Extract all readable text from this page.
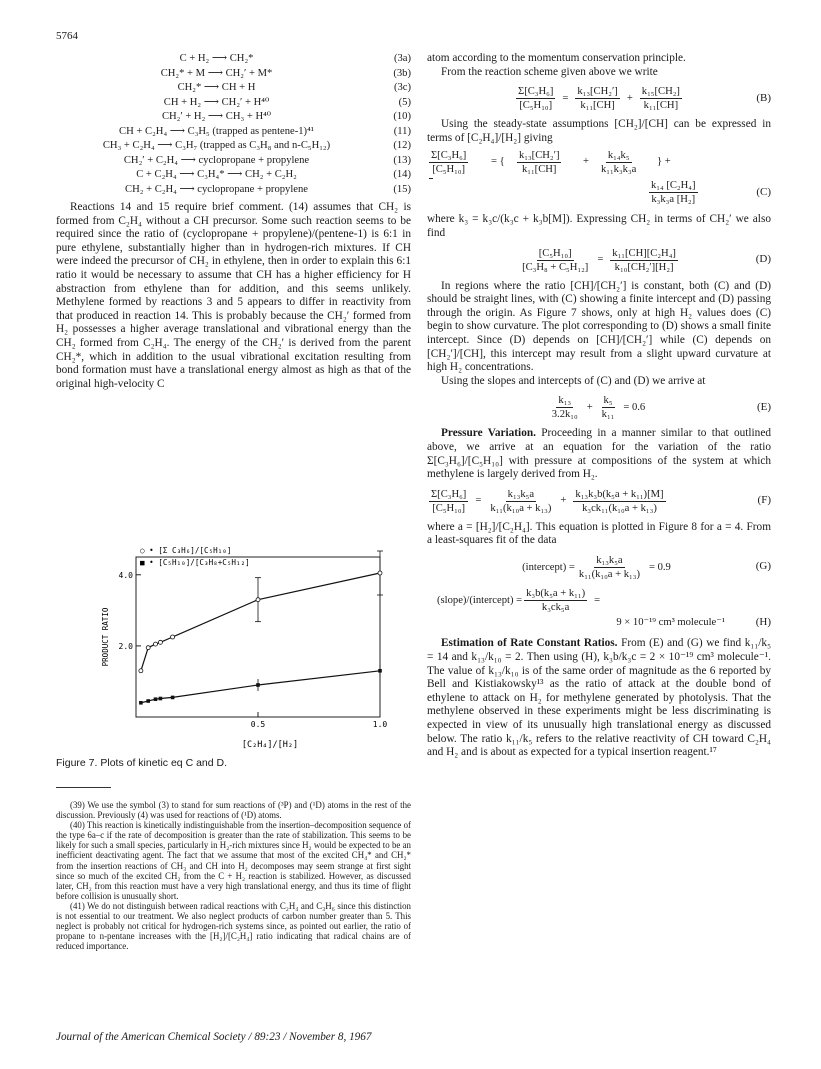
5764
C + H₂ ⟶ CH₂*	(3a)
CH₂* + M ⟶ CH₂′ + M*	(3b)
CH₂* ⟶ CH + H	(3c)
CH + H₂ ⟶ CH₂′ + H⁴⁰	(5)
CH₂′ + H₂ ⟶ CH₃ + H⁴⁰	(10)
CH + C₂H₄ ⟶ C₃H₅ (trapped as pentene-1)⁴¹	(11)
CH₃ + C₂H₄ ⟶ C₃H₇ (trapped as C₃H₈ and n-C₅H₁₂)	(12)
CH₂′ + C₂H₄ ⟶ cyclopropane + propylene	(13)
C + C₂H₄ ⟶ C₃H₄* ⟶ CH₂ + C₂H₂	(14)
CH₂ + C₂H₄ ⟶ cyclopropane + propylene	(15)

Reactions 14 and 15 require brief comment. (14) assumes that CH₂ is formed from C₂H₄ without a CH precursor. Some such reaction seems to be required since the ratio of (cyclopropane + propylene)/(pentene-1) is 6:1 in pure ethylene, substantially higher than in hydrogen-rich mixtures. If CH were indeed the precursor of CH₂ in ethylene, then in order to explain this 6:1 ratio it would be necessary to assume that CH has a higher efficiency for H abstraction from ethylene than for addition, and this seems unlikely. Methylene formed by reactions 3 and 5 appears to differ in reactivity from that produced in reaction 14. This is probably because the CH₂′ formed from H₂ possesses a higher average translational and vibrational energy than the CH₂ formed from C₂H₄. The energy of the CH₂′ is derived from the parent CH₂*, which in addition to the usual vibrational excitation resulting from bond formation must have a translational energy almost as high as that of the original high-velocity C

2.0
4.0
0.5	1.0
PRODUCT RATIO
[C₂H₄]/[H₂]
○ • [Σ C₃H₆]/[C₅H₁₀]
■ • [C₅H₁₀]/[C₃H₈+C₅H₁₂]
Figure 7. Plots of kinetic eq C and D.

(39) We use the symbol (3) to stand for sum reactions of (³P) and (¹D) atoms in the rest of the discussion. Previously (4) was used for reactions of (¹D) atoms.

(40) This reaction is kinetically indistinguishable from the insertion–decomposition sequence of the type 6a–c if the rate of decomposition is greater than the rate of stabilization. This seems to be likely for such a small species, particularly in H₂-rich mixtures since H₂ would be expected to be an inefficient deactivating agent. The fact that we assume that most of the excited CH₄* and CH₂* from the insertion reactions of CH₃ and CH into H₂ decomposes may seem strange at first sight since so much of the excited CH₂ from the C + H₂ reaction is stabilized. However, as discussed later, CH₂ from this reaction must have a very high translational energy, and thus its time of flight before collision is unusually short.

(41) We do not distinguish between radical reactions with C₂H₄ and C₃H₆ since this distinction is not essential to our treatment. We also neglect products of carbon number greater than 5. This neglect is probably not critical for hydrogen-rich systems since, as pointed out earlier, the ratio of propane to n-pentane increases with the [H₂]/[C₂H₄] ratio indicating that radical chains are of reduced importance.

atom according to the momentum conservation principle.

From the reaction scheme given above we write

$\frac{\text{Σ[C₃H₆]}}{\text{[C₅H₁₀]}} = \frac{\text{k₁₃[CH₂′]}}{\text{k₁₁[CH]}} + \frac{\text{k₁₅[CH₂]}}{\text{k₁₁[CH]}}$	(B)

Using the steady-state assumptions [CH₂]/[CH] can be expressed in terms of [C₂H₄]/[H₂] giving

$\frac{\text{Σ[C₃H₆]}}{\text{[C₅H₁₀]}}$ = { $\frac{\text{k₁₃[CH₂′]}}{\text{k₁₁[CH]}} + \frac{\text{k₁₄k₅}}{\text{k₁₁k₃k₃a}}$ } +
$\frac{\text{k₁₄ [C₂H₄]}}{\text{k₃k₃a [H₂]}}$	(C)

where k₃ = k₃c/(k₃c + k₃b[M]). Expressing CH₂ in terms of CH₂′ we also find

$\frac{\text{[C₅H₁₀]}}{\text{[C₃H₈ + C₅H₁₂]}} = \frac{\text{k₁₁[CH][C₂H₄]}}{\text{k₁₀[CH₂′][H₂]}}$	(D)

In regions where the ratio [CH]/[CH₂′] is constant, both (C) and (D) should be straight lines, with (C) showing a finite intercept and (D) passing through the origin. As Figure 7 shows, only at high H₂ values does (C) begin to show curvature. The plot corresponding to (D) shows a small finite intercept. Since (D) depends on [CH]/[CH₂′] while (C) depends on [CH₂′]/[CH], this intercept may result from a slight upward curvature at high H₂ concentrations.

Using the slopes and intercepts of (C) and (D) we arrive at

$\frac{\text{k₁₃}}{\text{3.2k₁₀}} + \frac{\text{k₅}}{\text{k₁₁}} = 0.6$	(E)

Pressure Variation. Proceeding in a manner similar to that outlined above, we arrive at an equation for the variation of the ratio Σ[C₃H₆]/[C₅H₁₀] with pressure at compositions of the system at which methylene is largely derived from H₂.

$\frac{\text{Σ[C₃H₆]}}{\text{[C₅H₁₀]}} = \frac{\text{k₁₃k₅a}}{\text{k₁₁(k₁₀a + k₁₃)}} + \frac{\text{k₁₃k₃b(k₅a + k₁₁)[M]}}{\text{k₃ck₁₁(k₁₀a + k₁₃)}}$	(F)

where a = [H₂]/[C₂H₄]. This equation is plotted in Figure 8 for a = 4. From a least-squares fit of the data

(intercept) = $\frac{\text{k₁₃k₅a}}{\text{k₁₁(k₁₀a + k₁₃)}} = 0.9$	(G)
(slope)/(intercept) = $\frac{\text{k₃b(k₅a + k₁₁)}}{\text{k₃ck₅a}}$ =
9 × 10⁻¹⁹ cm³ molecule⁻¹	(H)

Estimation of Rate Constant Ratios. From (E) and (G) we find k₁₁/k₅ = 14 and k₁₃/k₁₀ = 2. Then using (H), k₃b/k₃c = 2 × 10⁻¹⁹ cm³ molecule⁻¹. The value of k₁₃/k₁₀ is of the same order of magnitude as the 6 reported by Bell and Kistiakowsky¹³ as the ratio of attack at the double bond of ethylene to attack on H₂ for methylene generated by photolysis. That the methylene observed in these experiments might be less discriminating is expected in view of its unusually high translational energy as discussed below. The ratio k₁₁/k₅ refers to the relative reactivity of CH toward C₂H₄ and H₂ and is about as expected for a typical insertion reagent.¹⁷

Journal of the American Chemical Society / 89:23 / November 8, 1967
